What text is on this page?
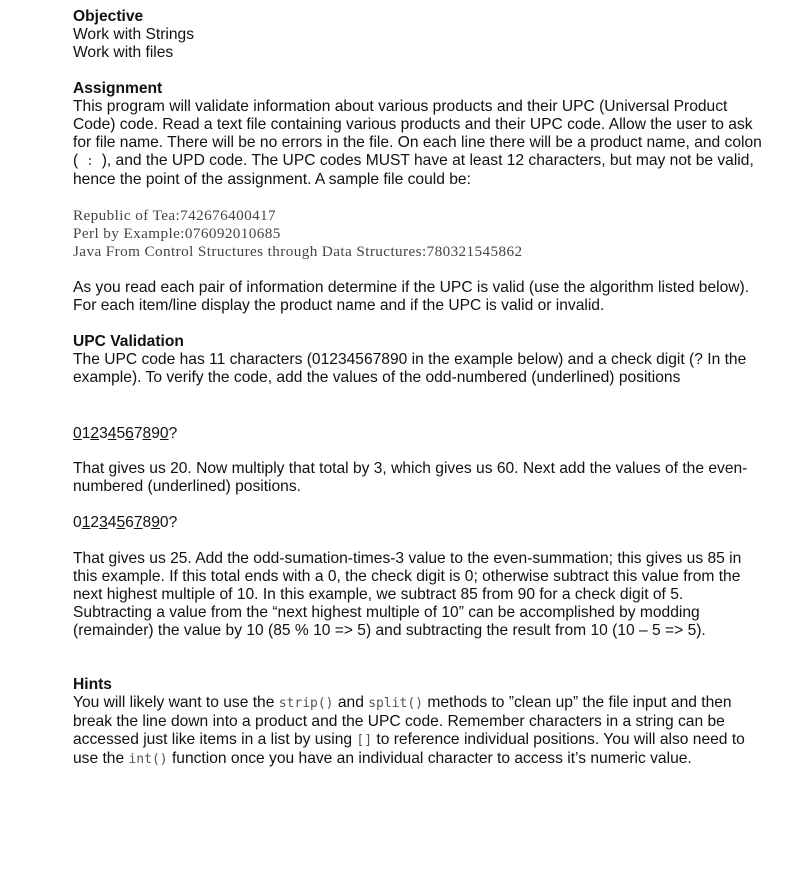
Objective

Work with Strings

Work with files

Assignment

This program will validate information about various products and their UPC (Universal Product Code) code. Read a text file containing various products and their UPC code. Allow the user to ask for file name. There will be no errors in the file. On each line there will be a product name, and colon ( : ), and the UPD code. The UPC codes MUST have at least 12 characters, but may not be valid, hence the point of the assignment. A sample file could be:

Republic of Tea:742676400417
Perl by Example:076092010685
Java From Control Structures through Data Structures:780321545862

As you read each pair of information determine if the UPC is valid (use the algorithm listed below). For each item/line display the product name and if the UPC is valid or invalid.

UPC Validation

The UPC code has 11 characters (01234567890 in the example below) and a check digit (? In the example). To verify the code, add the values of the odd-numbered (underlined) positions

01234567890?

That gives us 20. Now multiply that total by 3, which gives us 60. Next add the values of the even-numbered (underlined) positions.

01234567890?

That gives us 25. Add the odd-sumation-times-3 value to the even-summation; this gives us 85 in this example. If this total ends with a 0, the check digit is 0; otherwise subtract this value from the next highest multiple of 10. In this example, we subtract 85 from 90 for a check digit of 5. Subtracting a value from the “next highest multiple of 10” can be accomplished by modding (remainder) the value by 10 (85 % 10 => 5) and subtracting the result from 10 (10 – 5 => 5).

Hints

You will likely want to use the strip() and split() methods to ”clean up” the file input and then break the line down into a product and the UPC code. Remember characters in a string can be accessed just like items in a list by using [] to reference individual positions. You will also need to use the int() function once you have an individual character to access it’s numeric value.
